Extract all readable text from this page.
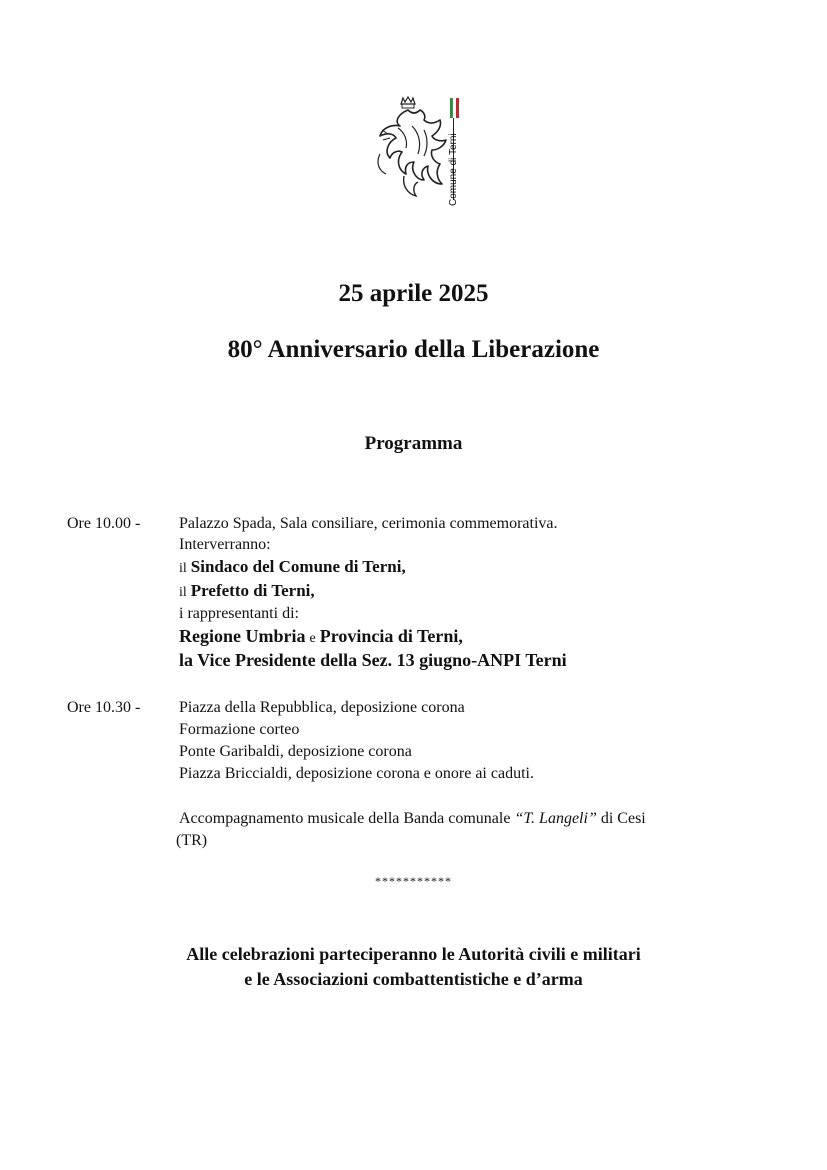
Comune di Terni
25 aprile 2025
80° Anniversario della Liberazione
Programma
Ore 10.00 - Palazzo Spada, Sala consiliare, cerimonia commemorativa.
Interverranno:
il Sindaco del Comune di Terni,
il Prefetto di Terni,
i rappresentanti di:
Regione Umbria e Provincia di Terni,
la Vice Presidente della Sez. 13 giugno-ANPI Terni
Ore 10.30 - Piazza della Repubblica, deposizione corona
Formazione corteo
Ponte Garibaldi, deposizione corona
Piazza Briccialdi, deposizione corona e onore ai caduti.
Accompagnamento musicale della Banda comunale “T. Langeli” di Cesi
(TR)
***********
Alle celebrazioni parteciperanno le Autorità civili e militari
e le Associazioni combattentistiche e d’arma
